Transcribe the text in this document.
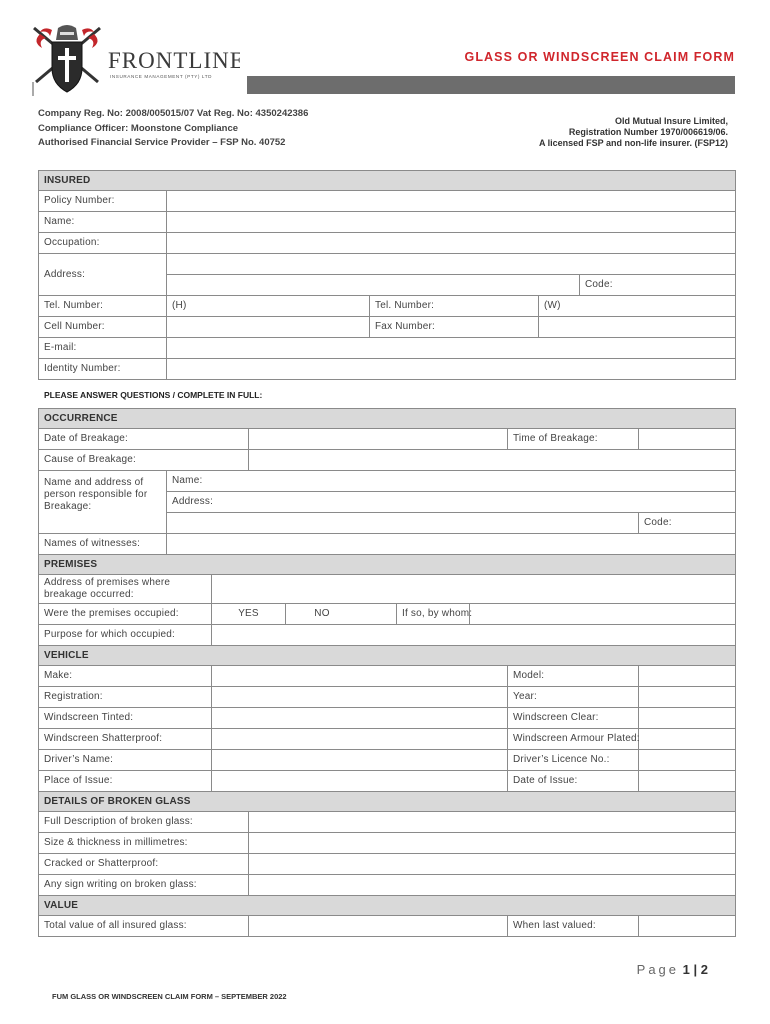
FRONTLINE
INSURANCE MANAGEMENT (PTY) LTD
GLASS OR WINDSCREEN CLAIM FORM
Company Reg. No: 2008/005015/07 Vat Reg. No: 4350242386
Compliance Officer: Moonstone Compliance
Authorised Financial Service Provider – FSP No. 40752
Old Mutual Insure Limited,
Registration Number 1970/006619/06.
A licensed FSP and non-life insurer. (FSP12)
INSURED				
Policy Number:				
Name:				
Occupation:				
Address:				
				Code:
Tel. Number:	(H)	Tel. Number:	(W)	
Cell Number:		Fax Number:		
E-mail:				
Identity Number:				
PLEASE ANSWER QUESTIONS / COMPLETE IN FULL:
OCCURRENCE								
Date of Breakage:							Time of Breakage:	
Cause of Breakage:								
Name and address of person responsible for Breakage:	Name:							
	Address:							
								Code:
Names of witnesses:								
PREMISES								
Address of premises where breakage occurred:								
Were the premises occupied:		YES		NO	If so, by whom:			
Purpose for which occupied:								
VEHICLE								
Make:							Model:	
Registration:							Year:	
Windscreen Tinted:							Windscreen Clear:	
Windscreen Shatterproof:							Windscreen Armour Plated:	
Driver’s Name:							Driver’s Licence No.:	
Place of Issue:							Date of Issue:	
DETAILS OF BROKEN GLASS								
Full Description of broken glass:								
Size & thickness in millimetres:								
Cracked or Shatterproof:								
Any sign writing on broken glass:								
VALUE								
Total value of all insured glass:							When last valued:	
Page 1 | 2
FUM GLASS OR WINDSCREEN CLAIM FORM – SEPTEMBER 2022
